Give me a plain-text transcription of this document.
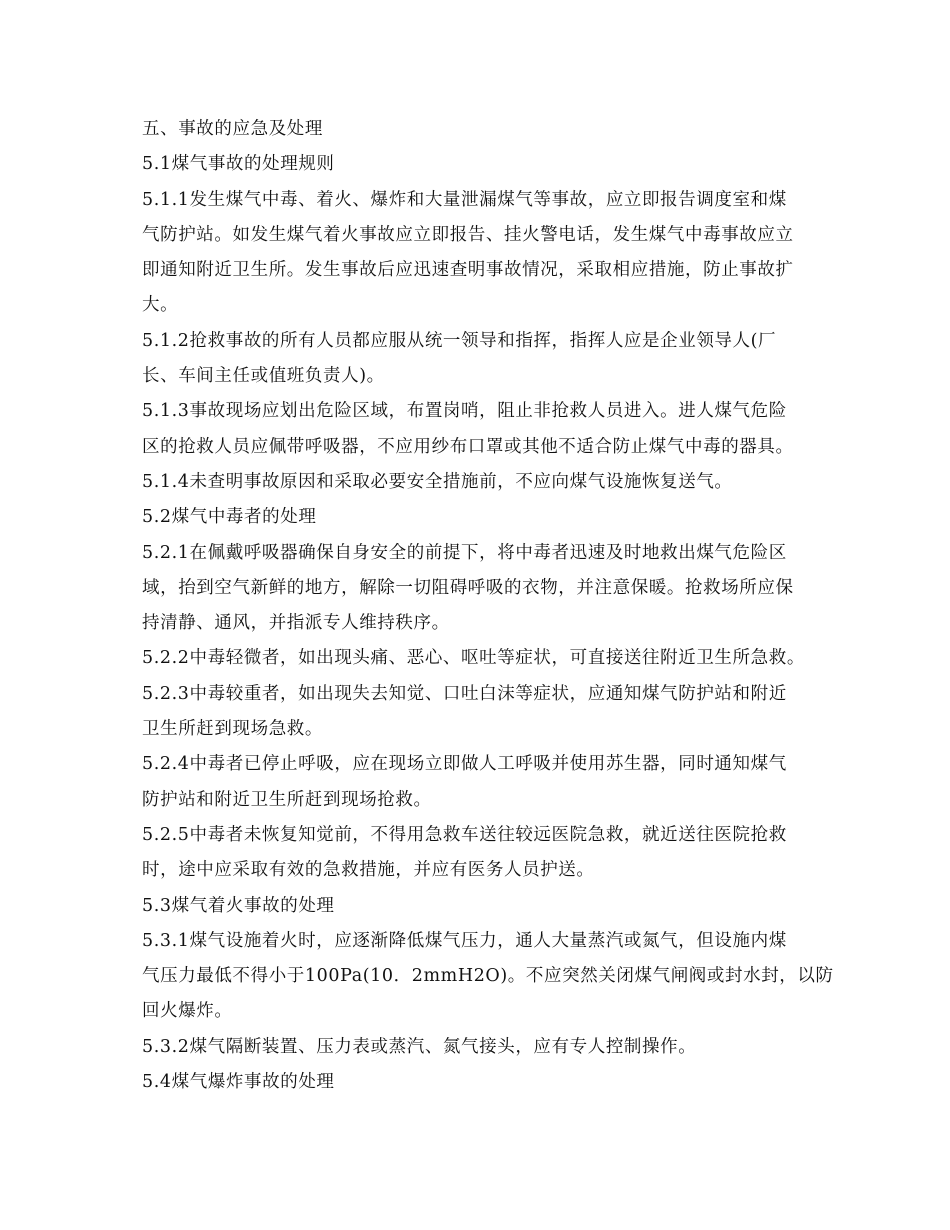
五、事故的应急及处理
5.1煤气事故的处理规则
5.1.1发生煤气中毒、着火、爆炸和大量泄漏煤气等事故，应立即报告调度室和煤
气防护站。如发生煤气着火事故应立即报告、挂火警电话，发生煤气中毒事故应立
即通知附近卫生所。发生事故后应迅速查明事故情况，采取相应措施，防止事故扩
大。
5.1.2抢救事故的所有人员都应服从统一领导和指挥，指挥人应是企业领导人(厂
长、车间主任或值班负责人)。
5.1.3事故现场应划出危险区域，布置岗哨，阻止非抢救人员进入。进人煤气危险
区的抢救人员应佩带呼吸器，不应用纱布口罩或其他不适合防止煤气中毒的器具。
5.1.4未查明事故原因和采取必要安全措施前，不应向煤气设施恢复送气。
5.2煤气中毒者的处理
5.2.1在佩戴呼吸器确保自身安全的前提下，将中毒者迅速及时地救出煤气危险区
域，抬到空气新鲜的地方，解除一切阻碍呼吸的衣物，并注意保暖。抢救场所应保
持清静、通风，并指派专人维持秩序。
5.2.2中毒轻微者，如出现头痛、恶心、呕吐等症状，可直接送往附近卫生所急救。
5.2.3中毒较重者，如出现失去知觉、口吐白沫等症状，应通知煤气防护站和附近
卫生所赶到现场急救。
5.2.4中毒者已停止呼吸，应在现场立即做人工呼吸并使用苏生器，同时通知煤气
防护站和附近卫生所赶到现场抢救。
5.2.5中毒者未恢复知觉前，不得用急救车送往较远医院急救，就近送往医院抢救
时，途中应采取有效的急救措施，并应有医务人员护送。
5.3煤气着火事故的处理
5.3.1煤气设施着火时，应逐渐降低煤气压力，通人大量蒸汽或氮气，但设施内煤
气压力最低不得小于100Pa(10．2mmH2O)。不应突然关闭煤气闸阀或封水封，以防
回火爆炸。
5.3.2煤气隔断装置、压力表或蒸汽、氮气接头，应有专人控制操作。
5.4煤气爆炸事故的处理
